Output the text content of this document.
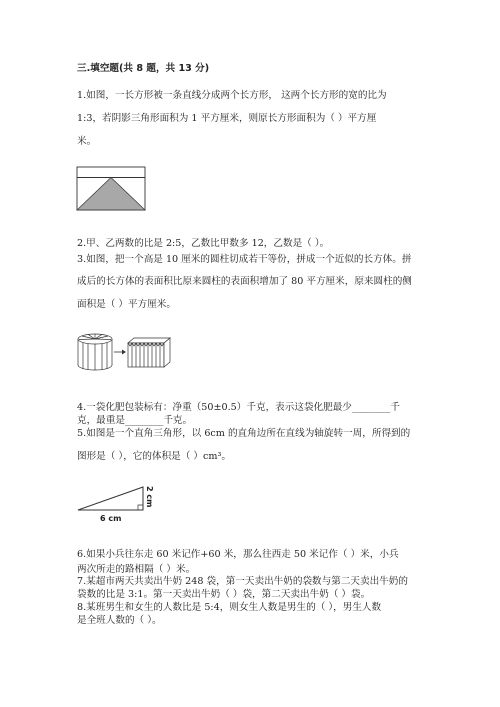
三.填空题(共 8 题，共 13 分)
1.如图，一长方形被一条直线分成两个长方形， 这两个长方形的宽的比为
1:3，若阴影三角形面积为 1 平方厘米，则原长方形面积为（ ）平方厘
米。
2.甲、乙两数的比是 2:5，乙数比甲数多 12，乙数是（ ）。
3.如图，把一个高是 10 厘米的圆柱切成若干等份，拼成一个近似的长方体。拼
成后的长方体的表面积比原来圆柱的表面积增加了 80 平方厘米，原来圆柱的侧
面积是（ ）平方厘米。
4.一袋化肥包装标有：净重（50±0.5）千克，表示这袋化肥最少________千
克，最重是________千克。
5.如图是一个直角三角形，以 6cm 的直角边所在直线为轴旋转一周，所得到的
图形是（ ），它的体积是（ ）cm³。
2 cm
6 cm
6.如果小兵往东走 60 米记作+60 米，那么往西走 50 米记作（ ）米，小兵
两次所走的路相隔（ ）米。
7.某超市两天共卖出牛奶 248 袋，第一天卖出牛奶的袋数与第二天卖出牛奶的
袋数的比是 3:1。第一天卖出牛奶（ ）袋，第二天卖出牛奶（ ）袋。
8.某班男生和女生的人数比是 5:4，则女生人数是男生的（ ），男生人数
是全班人数的（ ）。
